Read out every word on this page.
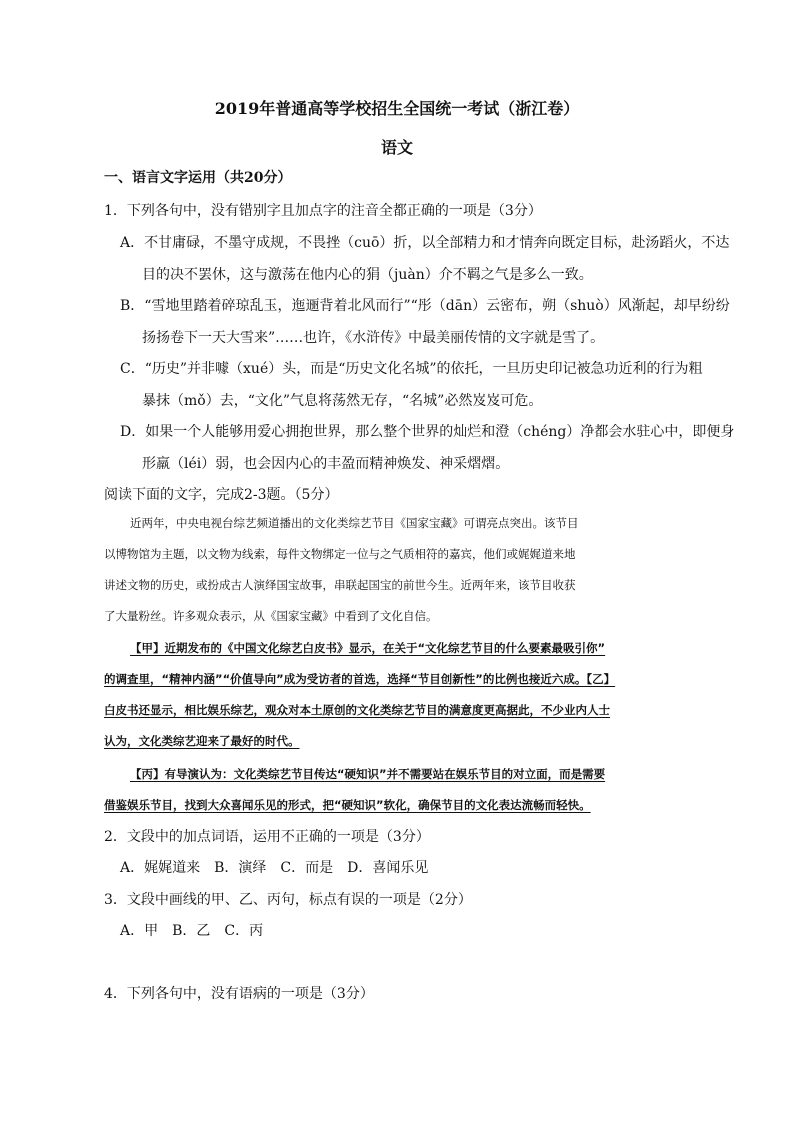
2019年普通高等学校招生全国统一考试（浙江卷）
语文
一、语言文字运用（共20分）
1．下列各句中，没有错别字且加点字的注音全都正确的一项是（3分）
A．不甘庸碌，不墨守成规，不畏挫（cuō）折，以全部精力和才情奔向既定目标，赴汤蹈火，不达
目的决不罢休，这与激荡在他内心的狷（juàn）介不羁之气是多么一致。
B．“雪地里踏着碎琼乱玉，迤逦背着北风而行”“彤（dān）云密布，朔（shuò）风渐起，却早纷纷
扬扬卷下一天大雪来”……也许，《水浒传》中最美丽传情的文字就是雪了。
C．“历史”并非噱（xué）头，而是“历史文化名城”的依托，一旦历史印记被急功近利的行为粗
暴抹（mǒ）去，“文化”气息将荡然无存，“名城”必然岌岌可危。
D．如果一个人能够用爱心拥抱世界，那么整个世界的灿烂和澄（chéng）净都会水驻心中，即便身
形羸（léi）弱，也会因内心的丰盈而精神焕发、神采熠熠。
阅读下面的文字，完成2-3题。（5分）
近两年，中央电视台综艺频道播出的文化类综艺节目《国家宝藏》可谓亮点突出。该节目
以博物馆为主题，以文物为线索，每件文物绑定一位与之气质相符的嘉宾，他们或娓娓道来地
讲述文物的历史，或扮成古人演绎国宝故事，串联起国宝的前世今生。近两年来，该节目收获
了大量粉丝。许多观众表示，从《国家宝藏》中看到了文化自信。
【甲】近期发布的《中国文化综艺白皮书》显示，在关于“文化综艺节目的什么要素最吸引你”
的调查里，“精神内涵”“价值导向”成为受访者的首选，选择“节目创新性”的比例也接近六成。【乙】
白皮书还显示，相比娱乐综艺，观众对本土原创的文化类综艺节目的满意度更高据此，不少业内人士
认为，文化类综艺迎来了最好的时代。
【丙】有导演认为：文化类综艺节目传达“硬知识”并不需要站在娱乐节目的对立面，而是需要
借鉴娱乐节目，找到大众喜闻乐见的形式，把“硬知识”软化，确保节目的文化表达流畅而轻快。
2．文段中的加点词语，运用不正确的一项是（3分）
A．娓娓道来 B．演绎 C．而是 D．喜闻乐见
3．文段中画线的甲、乙、丙句，标点有误的一项是（2分）
A．甲 B．乙 C．丙
4．下列各句中，没有语病的一项是（3分）
